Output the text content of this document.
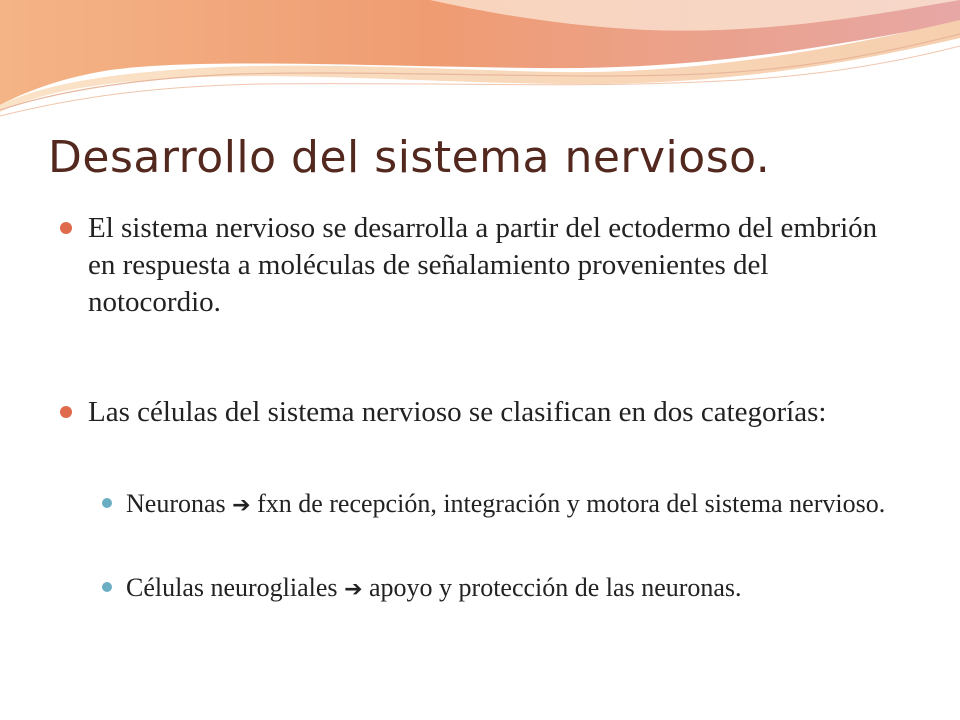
Desarrollo del sistema nervioso.
El sistema nervioso se desarrolla a partir del ectodermo del embrión en respuesta a moléculas de señalamiento provenientes del notocordio.
Las células del sistema nervioso se clasifican en dos categorías:
Neuronas ➔ fxn de recepción, integración y motora del sistema nervioso.
Células neurogliales ➔ apoyo y protección de las neuronas.
